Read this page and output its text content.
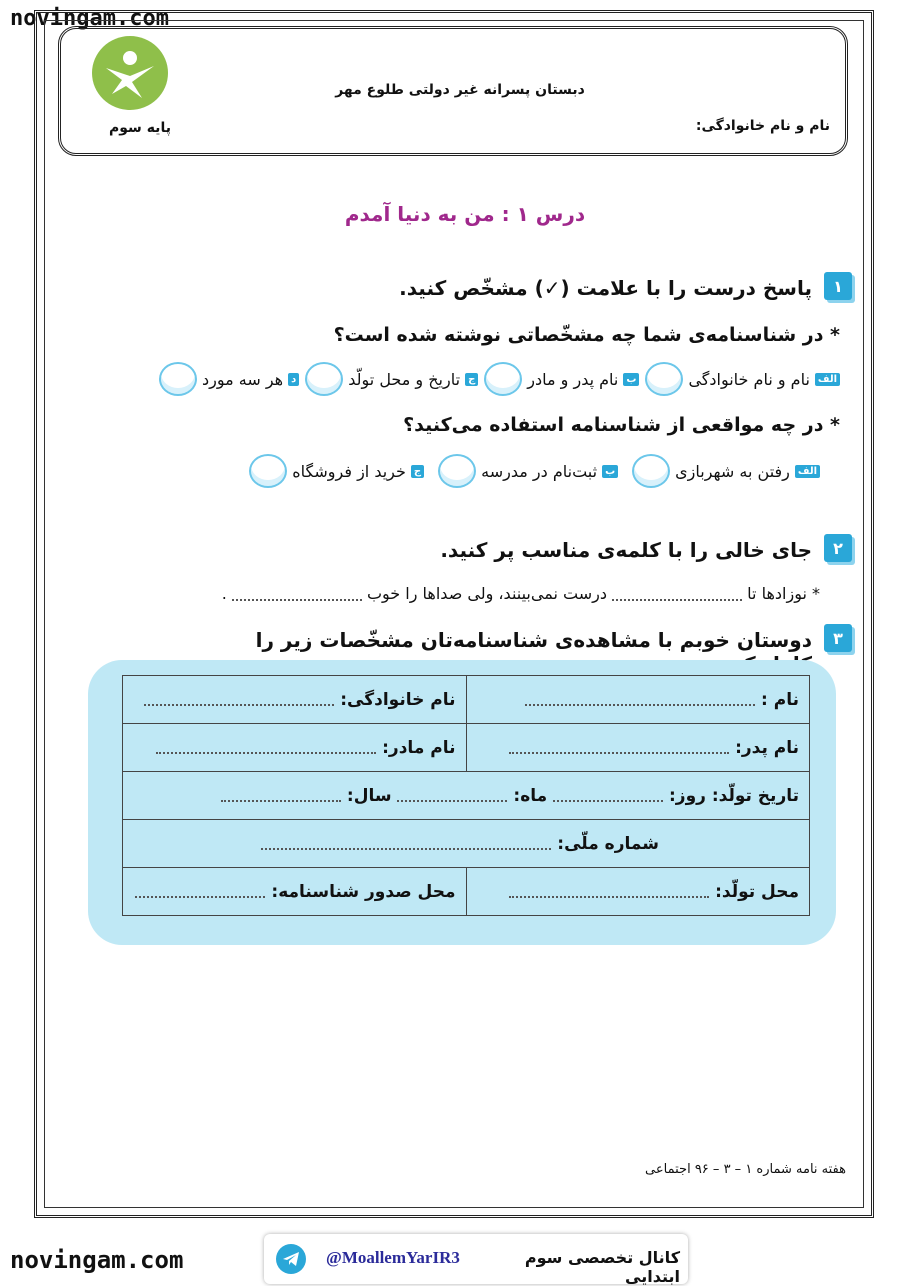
novingam.com
دبستان پسرانه غیر دولتی طلوع مهر
پایه سوم	نام و نام خانوادگی:
درس ۱ : من به دنیا آمدم
۱
پاسخ درست را با علامت (✓) مشخّص کنید.
* در شناسنامه‌ی شما چه مشخّصاتی نوشته شده است؟
الف
نام و نام خانوادگی
ب
نام پدر و مادر
ج
تاریخ و محل تولّد
د
هر سه مورد
* در چه مواقعی از شناسنامه استفاده می‌کنید؟
الف
رفتن به شهربازی
ب
ثبت‌نام در مدرسه
ج
خرید از فروشگاه
۲
جای خالی را با کلمه‌ی مناسب پر کنید.
* نوزادها تا  درست نمی‌بینند، ولی صداها را خوب  .
۳
دوستان خوبم با مشاهده‌ی شناسنامه‌تان مشخّصات زیر را
نام :	نام خانوادگی:
نام پدر:	نام مادر:
تاریخ تولّد: روز:  ماه:  سال:	
شماره ملّی:	
محل تولّد:	محل صدور شناسنامه:
هفته نامه شماره ۱ – ۳ – ۹۶ اجتماعی
novingam.com	@MoallemYarIR3	کانال تخصصی سوم ابتدایی
